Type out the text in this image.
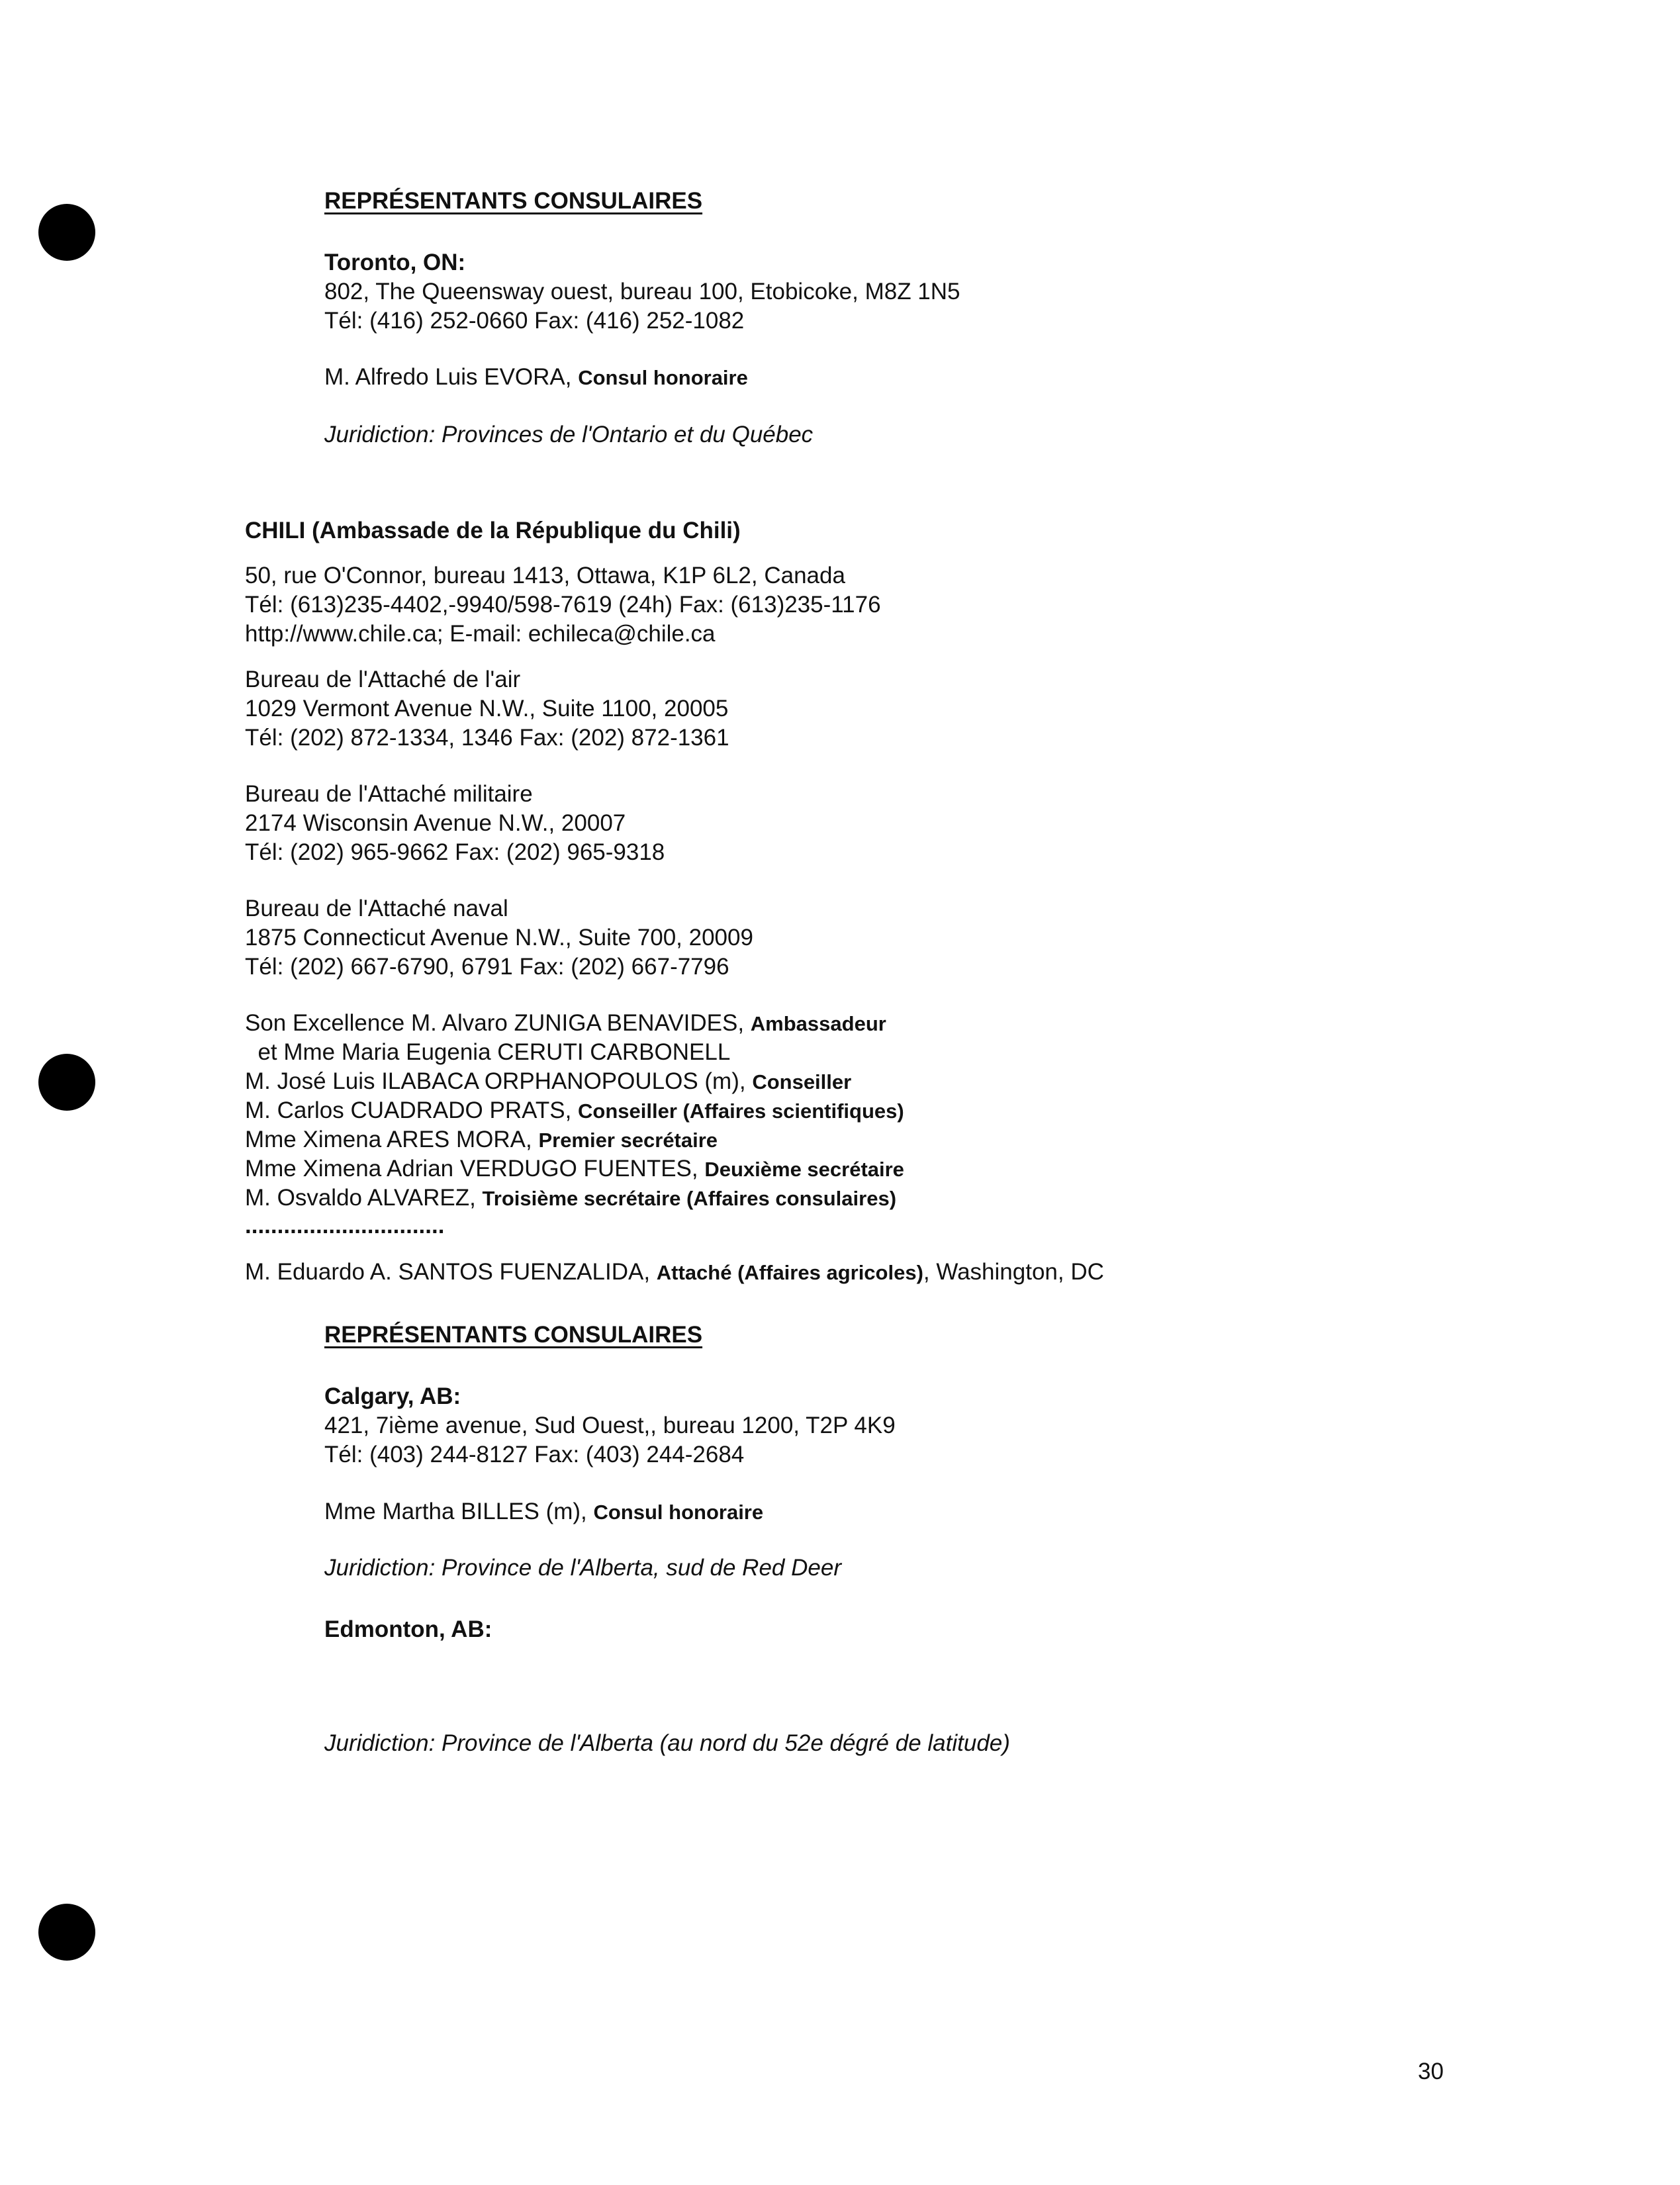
REPRÉSENTANTS CONSULAIRES
Toronto, ON:
802, The Queensway ouest, bureau 100, Etobicoke, M8Z 1N5
Tél: (416) 252-0660 Fax: (416) 252-1082
M. Alfredo Luis EVORA, Consul honoraire
Juridiction: Provinces de l'Ontario et du Québec
CHILI (Ambassade de la République du Chili)
50, rue O'Connor, bureau 1413, Ottawa, K1P 6L2, Canada
Tél: (613)235-4402,-9940/598-7619 (24h) Fax: (613)235-1176
http://www.chile.ca; E-mail: echileca@chile.ca
Bureau de l'Attaché de l'air
1029 Vermont Avenue N.W., Suite 1100, 20005
Tél: (202) 872-1334, 1346 Fax: (202) 872-1361
Bureau de l'Attaché militaire
2174 Wisconsin Avenue N.W., 20007
Tél: (202) 965-9662 Fax: (202) 965-9318
Bureau de l'Attaché naval
1875 Connecticut Avenue N.W., Suite 700, 20009
Tél: (202) 667-6790, 6791 Fax: (202) 667-7796
Son Excellence M. Alvaro ZUNIGA BENAVIDES, Ambassadeur
et Mme Maria Eugenia CERUTI CARBONELL
M. José Luis ILABACA ORPHANOPOULOS (m), Conseiller
M. Carlos CUADRADO PRATS, Conseiller (Affaires scientifiques)
Mme Ximena ARES MORA, Premier secrétaire
Mme Ximena Adrian VERDUGO FUENTES, Deuxième secrétaire
M. Osvaldo ALVAREZ, Troisième secrétaire (Affaires consulaires)
...............................
M. Eduardo A. SANTOS FUENZALIDA, Attaché (Affaires agricoles), Washington, DC
REPRÉSENTANTS CONSULAIRES
Calgary, AB:
421, 7ième avenue, Sud Ouest,, bureau 1200, T2P 4K9
Tél: (403) 244-8127 Fax: (403) 244-2684
Mme Martha BILLES (m), Consul honoraire
Juridiction: Province de l'Alberta, sud de Red Deer
Edmonton, AB:
Juridiction: Province de l'Alberta (au nord du 52e dégré de latitude)
30
